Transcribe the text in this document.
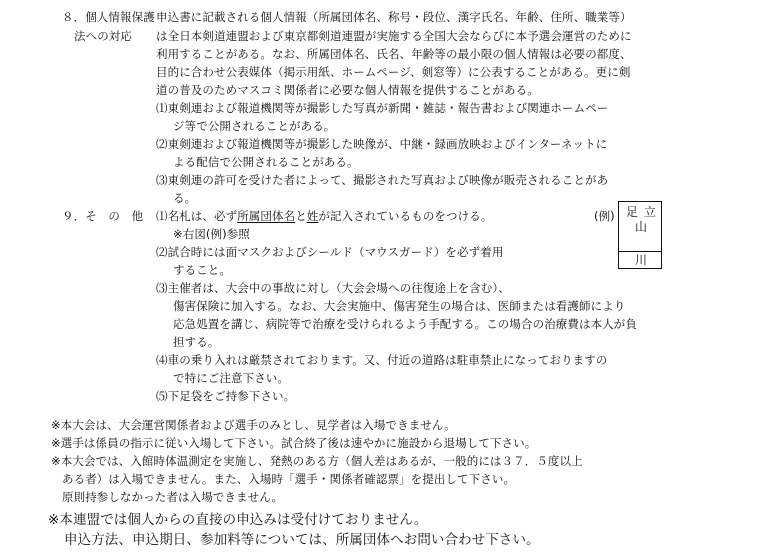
８．個人情報保護
法への対応
申込書に記載される個人情報（所属団体名、称号・段位、漢字氏名、年齢、住所、職業等）
は全日本剣道連盟および東京都剣道連盟が実施する全国大会ならびに本予選会運営のために
利用することがある。なお、所属団体名、氏名、年齢等の最小限の個人情報は必要の都度、
目的に合わせ公表媒体（掲示用紙、ホームページ、剣窓等）に公表することがある。更に剣
道の普及のためマスコミ関係者に必要な個人情報を提供することがある。
⑴東剣連および報道機関等が撮影した写真が新聞・雑誌・報告書および関連ホームペー
ジ等で公開されることがある。
⑵東剣連および報道機関等が撮影した映像が、中継・録画放映およびインターネットに
よる配信で公開されることがある。
⑶東剣連の許可を受けた者によって、撮影された写真および映像が販売されることがあ
る。
９．そ　の　他 ⑴名札は、必ず所属団体名と姓が記入されているものをつける。
※右図(例)参照
(例) 足 立
山
川
⑵試合時には面マスクおよびシールド（マウスガード）を必ず着用
すること。
⑶主催者は、大会中の事故に対し（大会会場への往復途上を含む）、
傷害保険に加入する。なお、大会実施中、傷害発生の場合は、医師または看護師により
応急処置を講じ、病院等で治療を受けられるよう手配する。この場合の治療費は本人が負
担する。
⑷車の乗り入れは厳禁されております。又、付近の道路は駐車禁止になっておりますの
で特にご注意下さい。
⑸下足袋をご持参下さい。
※本大会は、大会運営関係者および選手のみとし、見学者は入場できません。
※選手は係員の指示に従い入場して下さい。試合終了後は速やかに施設から退場して下さい。
※本大会では、入館時体温測定を実施し、発熱のある方（個人差はあるが、一般的には３７．５度以上
ある者）は入場できません。また、入場時「選手・関係者確認票」を提出して下さい。
原則持参しなかった者は入場できません。
※本連盟では個人からの直接の申込みは受付けておりません。
申込方法、申込期日、参加料等については、所属団体へお問い合わせ下さい。
